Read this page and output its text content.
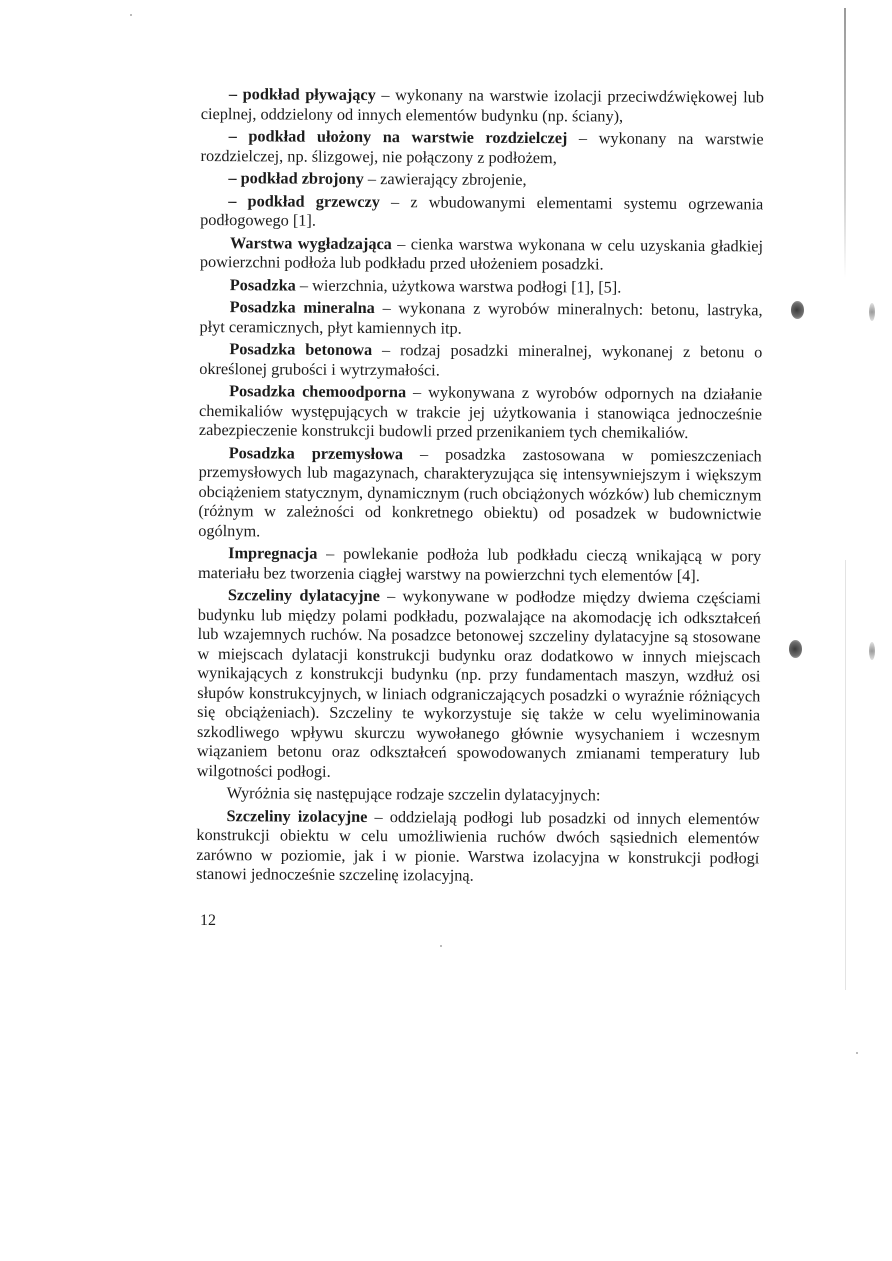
– podkład pływający – wykonany na warstwie izolacji przeciwdźwiękowej lub cieplnej, oddzielony od innych elementów budynku (np. ściany),

– podkład ułożony na warstwie rozdzielczej – wykonany na warstwie rozdzielczej, np. ślizgowej, nie połączony z podłożem,

– podkład zbrojony – zawierający zbrojenie,

– podkład grzewczy – z wbudowanymi elementami systemu ogrzewania podłogowego [1].

Warstwa wygładzająca – cienka warstwa wykonana w celu uzyskania gładkiej powierzchni podłoża lub podkładu przed ułożeniem posadzki.

Posadzka – wierzchnia, użytkowa warstwa podłogi [1], [5].

Posadzka mineralna – wykonana z wyrobów mineralnych: betonu, lastryka, płyt ceramicznych, płyt kamiennych itp.

Posadzka betonowa – rodzaj posadzki mineralnej, wykonanej z betonu o określonej grubości i wytrzymałości.

Posadzka chemoodporna – wykonywana z wyrobów odpornych na działanie chemikaliów występujących w trakcie jej użytkowania i stanowiąca jednocześnie zabezpieczenie konstrukcji budowli przed przenikaniem tych chemikaliów.

Posadzka przemysłowa – posadzka zastosowana w pomieszczeniach przemysłowych lub magazynach, charakteryzująca się intensywniejszym i większym obciążeniem statycznym, dynamicznym (ruch obciążonych wózków) lub chemicznym (różnym w zależności od konkretnego obiektu) od posadzek w budownictwie ogólnym.

Impregnacja – powlekanie podłoża lub podkładu cieczą wnikającą w pory materiału bez tworzenia ciągłej warstwy na powierzchni tych elementów [4].

Szczeliny dylatacyjne – wykonywane w podłodze między dwiema częściami budynku lub między polami podkładu, pozwalające na akomodację ich odkształceń lub wzajemnych ruchów. Na posadzce betonowej szczeliny dylatacyjne są stosowane w miejscach dylatacji konstrukcji budynku oraz dodatkowo w innych miejscach wynikających z konstrukcji budynku (np. przy fundamentach maszyn, wzdłuż osi słupów konstrukcyjnych, w liniach odgraniczających posadzki o wyraźnie różniących się obciążeniach). Szczeliny te wykorzystuje się także w celu wyeliminowania szkodliwego wpływu skurczu wywołanego głównie wysychaniem i wczesnym wiązaniem betonu oraz odkształceń spowodowanych zmianami temperatury lub wilgotności podłogi.

Wyróżnia się następujące rodzaje szczelin dylatacyjnych:

Szczeliny izolacyjne – oddzielają podłogi lub posadzki od innych elementów konstrukcji obiektu w celu umożliwienia ruchów dwóch sąsiednich elementów zarówno w poziomie, jak i w pionie. Warstwa izolacyjna w konstrukcji podłogi stanowi jednocześnie szczelinę izolacyjną.

12
